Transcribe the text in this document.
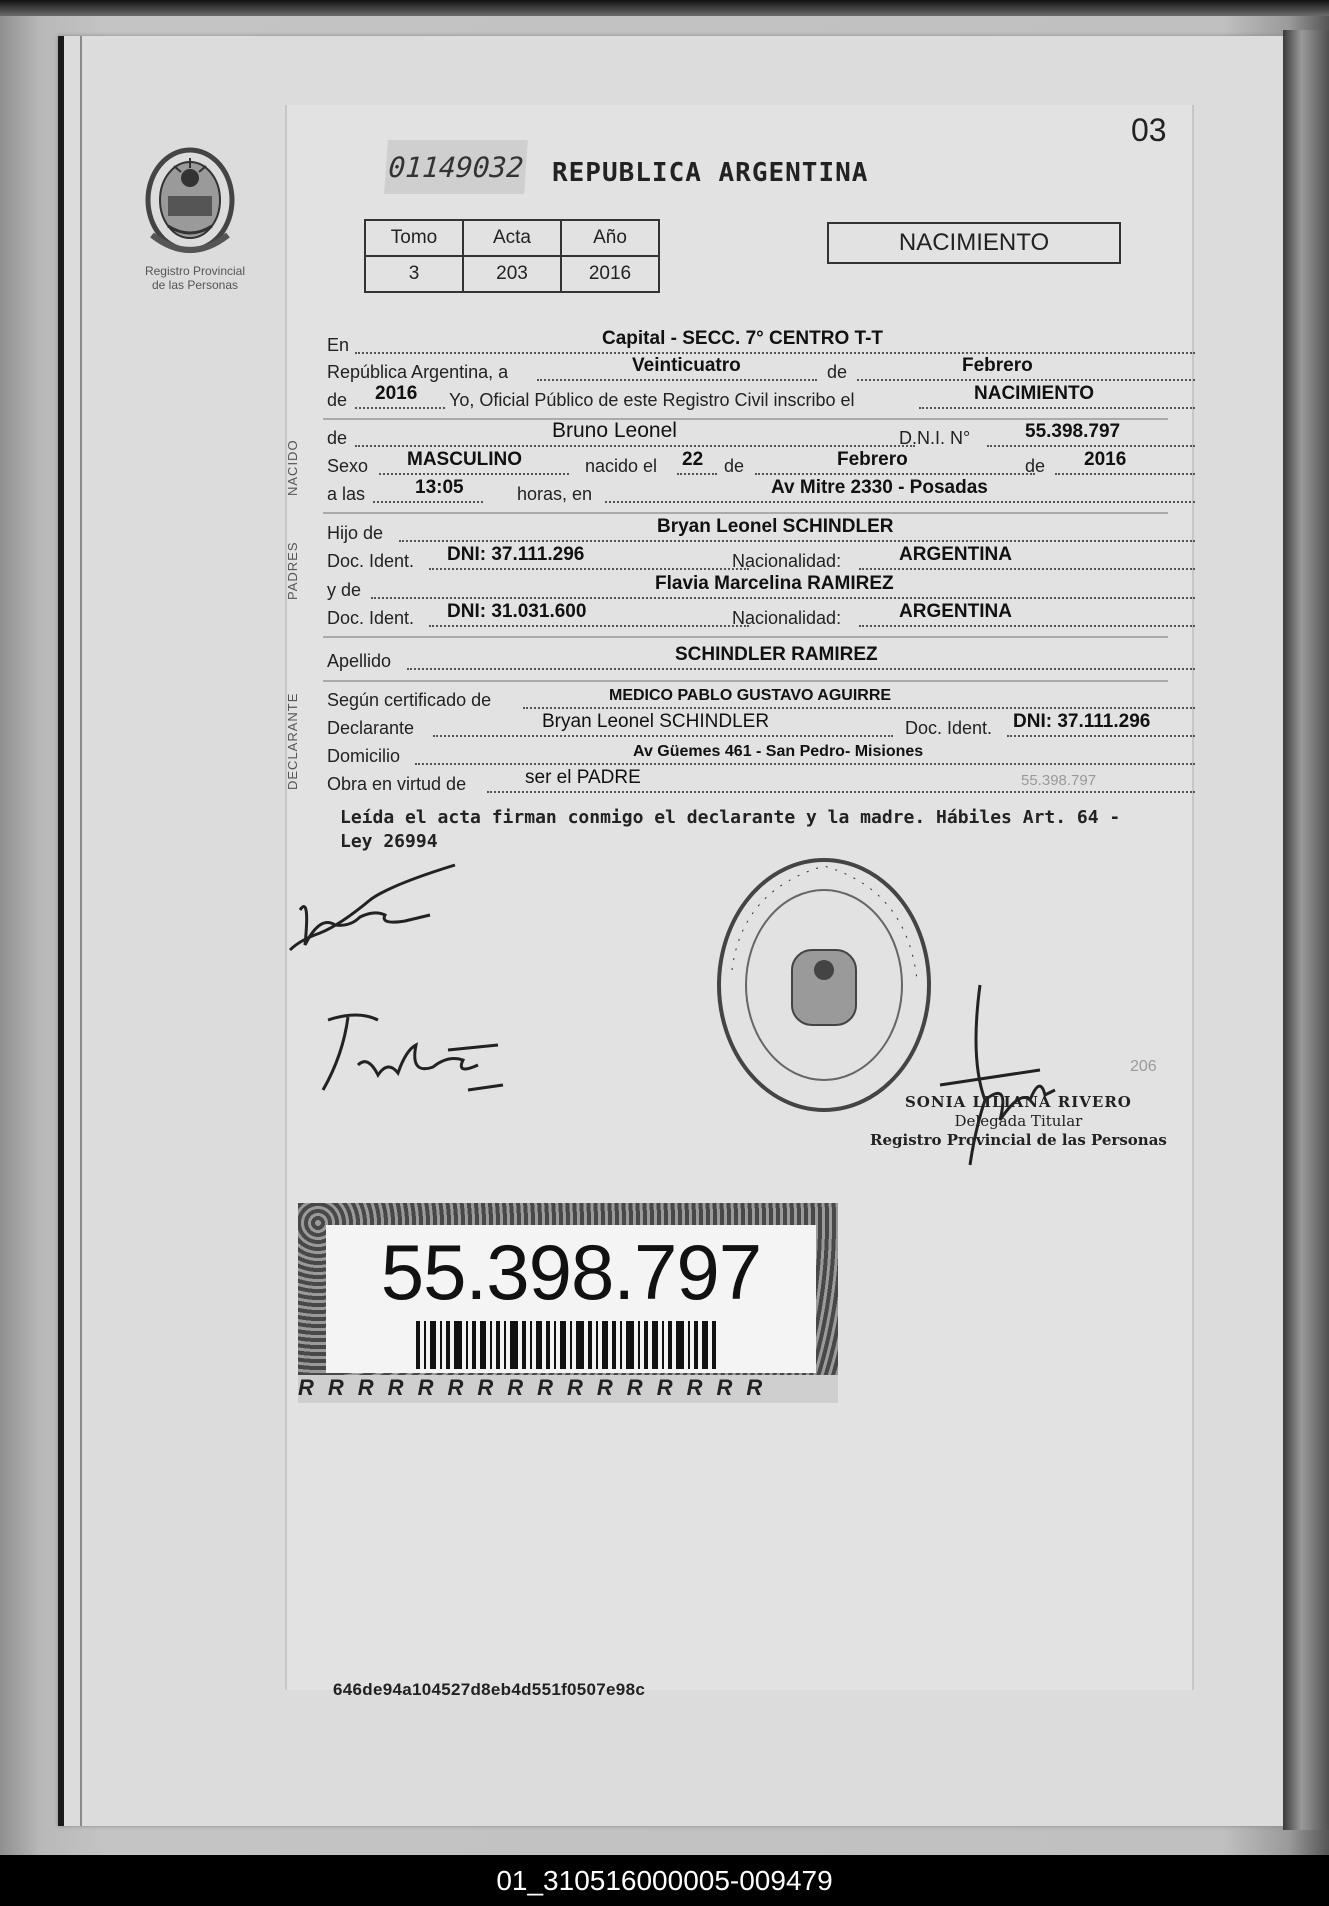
03
Registro Provincial
de las Personas
01149032 REPUBLICA ARGENTINA
Tomo	Acta	Año
3	203	2016
NACIMIENTO
NACIDO
PADRES
DECLARANTE
En	Capital - SECC. 7° CENTRO T-T
República Argentina, a	Veinticuatro	de	Febrero
de 2016 Yo, Oficial Público de este Registro Civil inscribo el	NACIMIENTO
de	Bruno Leonel	D.N.I. N°	55.398.797
Sexo MASCULINO	nacido el 22 de	Febrero	de 2016
a las	13:05	horas, en	Av Mitre 2330 - Posadas
Hijo de	Bryan Leonel SCHINDLER
Doc. Ident. DNI: 37.111.296	Nacionalidad:	ARGENTINA
y de	Flavia Marcelina RAMIREZ
Doc. Ident. DNI: 31.031.600	Nacionalidad:	ARGENTINA
Apellido	SCHINDLER RAMIREZ
Según certificado de	MEDICO PABLO GUSTAVO AGUIRRE
Declarante	Bryan Leonel SCHINDLER	Doc. Ident. DNI: 37.111.296
Domicilio	Av Güemes 461 - San Pedro- Misiones
Obra en virtud de	ser el PADRE	55.398.797
Leída el acta firman conmigo el declarante y la madre. Hábiles Art. 64 - Ley 26994
SONIA LILIANA RIVERO
Delegada Titular
Registro Provincial de las Personas
206
55.398.797
RRRRRRRRRRRRRRRR
646de94a104527d8eb4d551f0507e98c
01_310516000005-009479
